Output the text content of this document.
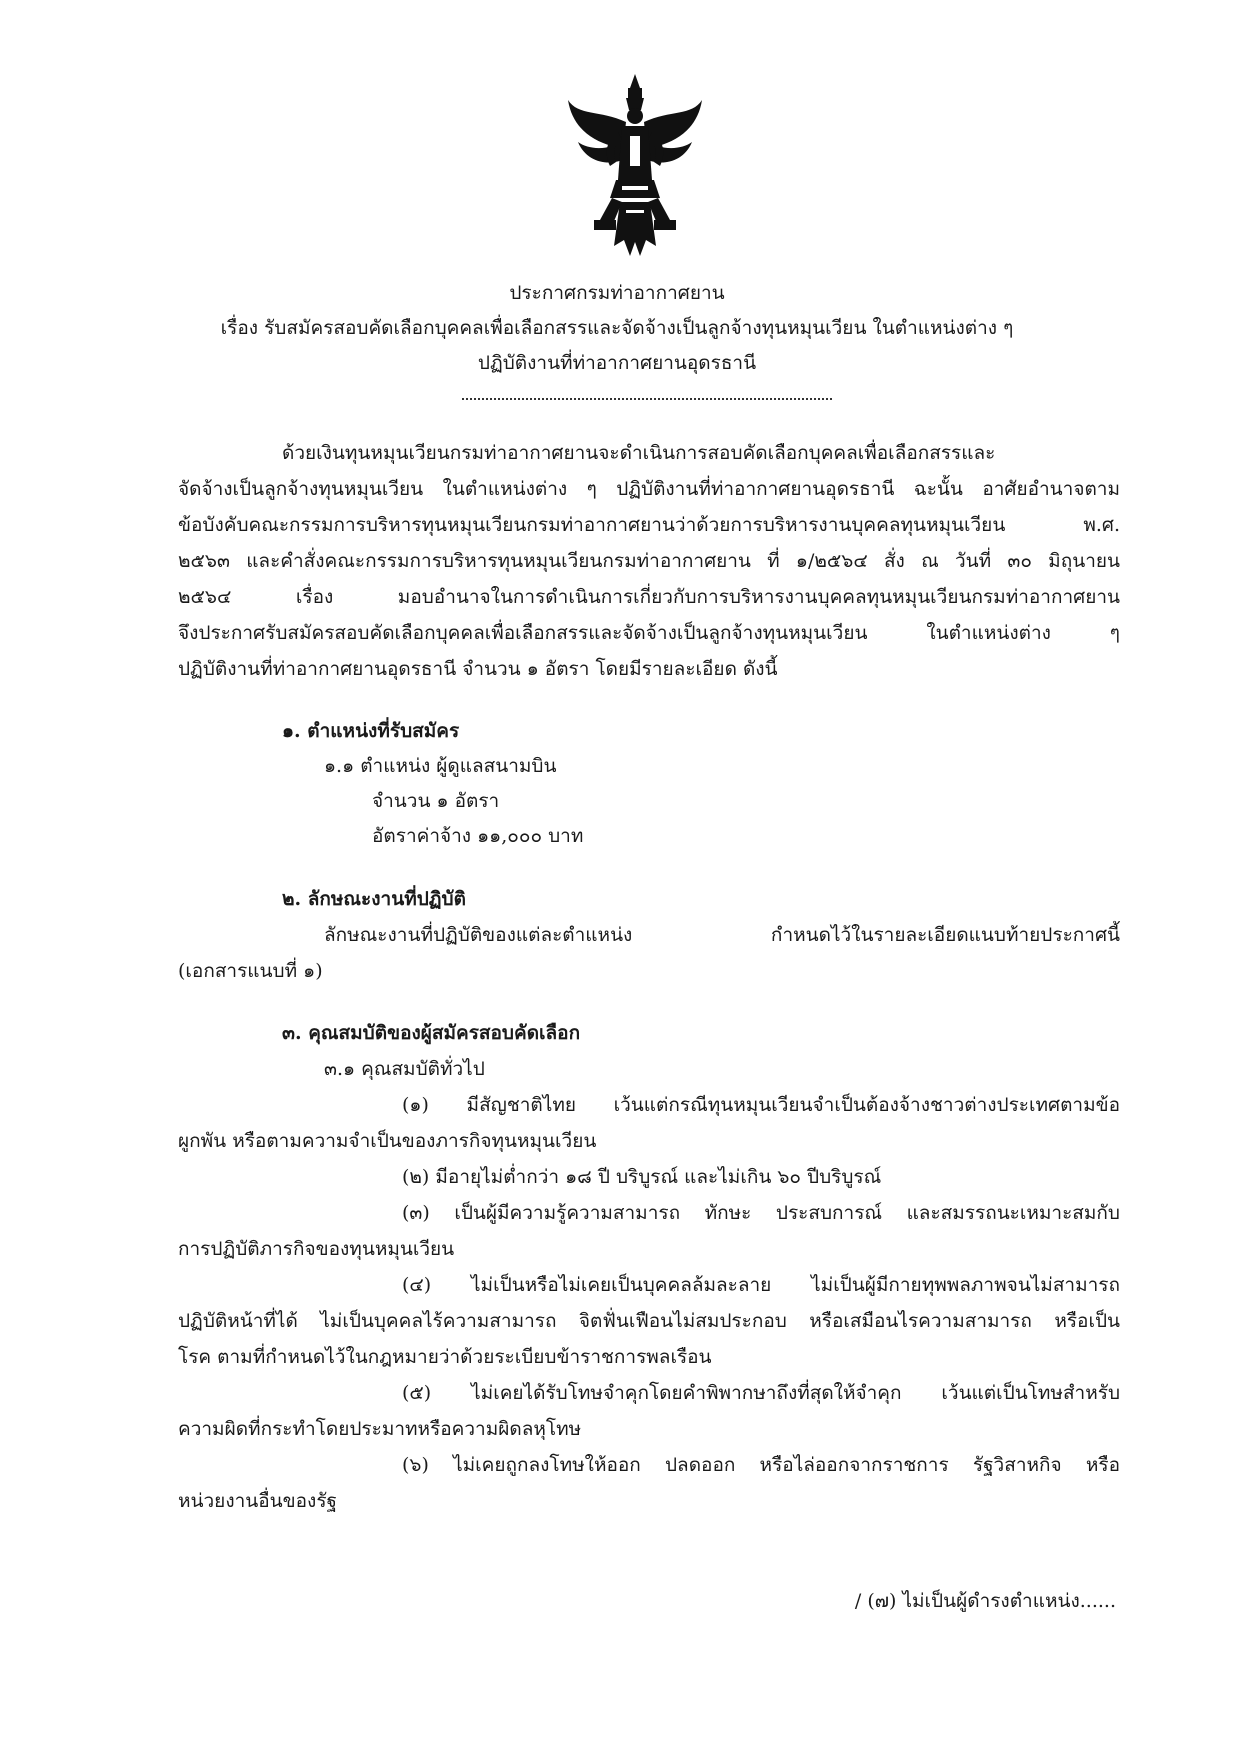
ประกาศกรมท่าอากาศยาน
เรื่อง รับสมัครสอบคัดเลือกบุคคลเพื่อเลือกสรรและจัดจ้างเป็นลูกจ้างทุนหมุนเวียน ในตำแหน่งต่าง ๆ
ปฏิบัติงานที่ท่าอากาศยานอุดรธานี
ด้วยเงินทุนหมุนเวียนกรมท่าอากาศยานจะดำเนินการสอบคัดเลือกบุคคลเพื่อเลือกสรรและ
จัดจ้างเป็นลูกจ้างทุนหมุนเวียน ในตำแหน่งต่าง ๆ ปฏิบัติงานที่ท่าอากาศยานอุดรธานี ฉะนั้น อาศัยอำนาจตาม
ข้อบังคับคณะกรรมการบริหารทุนหมุนเวียนกรมท่าอากาศยานว่าด้วยการบริหารงานบุคคลทุนหมุนเวียน พ.ศ.
๒๕๖๓ และคำสั่งคณะกรรมการบริหารทุนหมุนเวียนกรมท่าอากาศยาน ที่ ๑/๒๕๖๔ สั่ง ณ วันที่ ๓๐ มิถุนายน
๒๕๖๔ เรื่อง มอบอำนาจในการดำเนินการเกี่ยวกับการบริหารงานบุคคลทุนหมุนเวียนกรมท่าอากาศยาน
จึงประกาศรับสมัครสอบคัดเลือกบุคคลเพื่อเลือกสรรและจัดจ้างเป็นลูกจ้างทุนหมุนเวียน ในตำแหน่งต่าง ๆ
ปฏิบัติงานที่ท่าอากาศยานอุดรธานี จำนวน ๑ อัตรา โดยมีรายละเอียด ดังนี้
๑. ตำแหน่งที่รับสมัคร
๑.๑ ตำแหน่ง ผู้ดูแลสนามบิน
จำนวน ๑ อัตรา
อัตราค่าจ้าง ๑๑,๐๐๐ บาท
๒. ลักษณะงานที่ปฏิบัติ
ลักษณะงานที่ปฏิบัติของแต่ละตำแหน่ง กำหนดไว้ในรายละเอียดแนบท้ายประกาศนี้
(เอกสารแนบที่ ๑)
๓. คุณสมบัติของผู้สมัครสอบคัดเลือก
๓.๑ คุณสมบัติทั่วไป
(๑) มีสัญชาติไทย เว้นแต่กรณีทุนหมุนเวียนจำเป็นต้องจ้างชาวต่างประเทศตามข้อ
ผูกพัน หรือตามความจำเป็นของภารกิจทุนหมุนเวียน
(๒) มีอายุไม่ต่ำกว่า ๑๘ ปี บริบูรณ์ และไม่เกิน ๖๐ ปีบริบูรณ์
(๓) เป็นผู้มีความรู้ความสามารถ ทักษะ ประสบการณ์ และสมรรถนะเหมาะสมกับ
การปฏิบัติภารกิจของทุนหมุนเวียน
(๔) ไม่เป็นหรือไม่เคยเป็นบุคคลล้มละลาย ไม่เป็นผู้มีกายทุพพลภาพจนไม่สามารถ
ปฏิบัติหน้าที่ได้ ไม่เป็นบุคคลไร้ความสามารถ จิตฟั่นเฟือนไม่สมประกอบ หรือเสมือนไรความสามารถ หรือเป็น
โรค ตามที่กำหนดไว้ในกฎหมายว่าด้วยระเบียบข้าราชการพลเรือน
(๕) ไม่เคยได้รับโทษจำคุกโดยคำพิพากษาถึงที่สุดให้จำคุก เว้นแต่เป็นโทษสำหรับ
ความผิดที่กระทำโดยประมาทหรือความผิดลหุโทษ
(๖) ไม่เคยถูกลงโทษให้ออก ปลดออก หรือไล่ออกจากราชการ รัฐวิสาหกิจ หรือ
หน่วยงานอื่นของรัฐ
/ (๗) ไม่เป็นผู้ดำรงตำแหน่ง......
